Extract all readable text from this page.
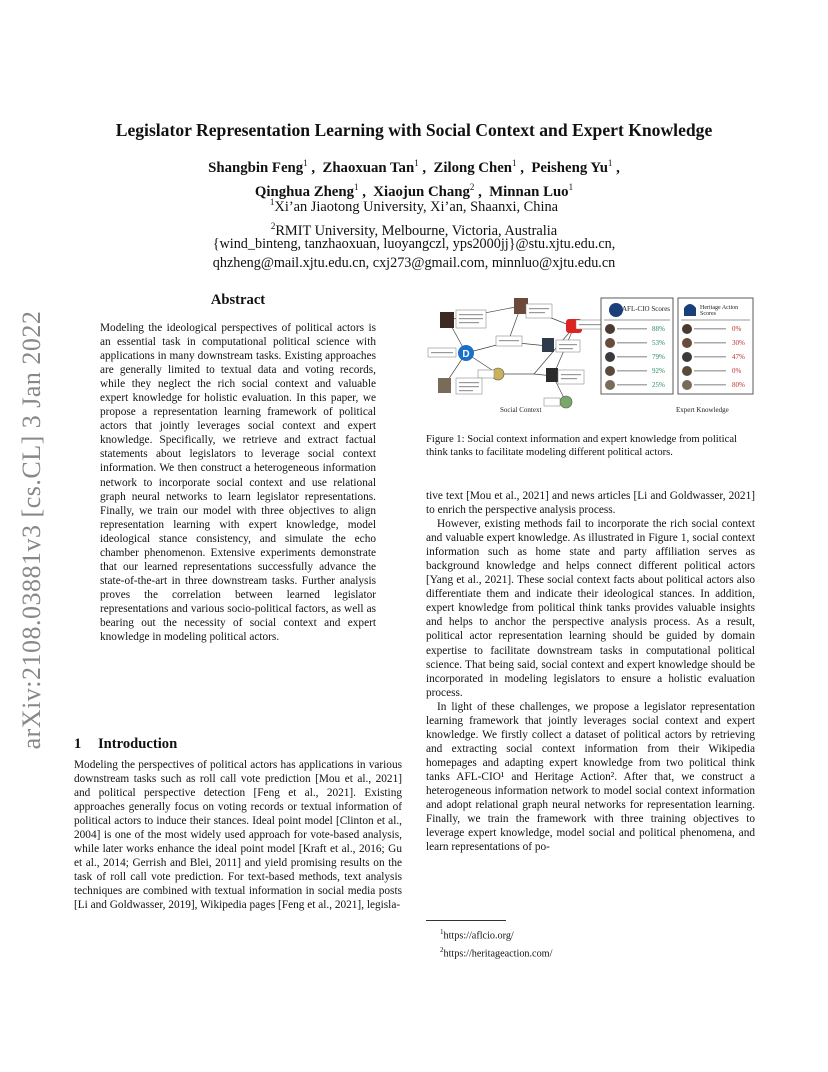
arXiv:2108.03881v3 [cs.CL] 3 Jan 2022
Legislator Representation Learning with Social Context and Expert Knowledge
Shangbin Feng$^1$ ,  Zhaoxuan Tan$^1$ ,  Zilong Chen$^1$ ,  Peisheng Yu$^1$ ,
Qinghua Zheng$^1$ ,  Xiaojun Chang$^2$ ,  Minnan Luo$^1$
$^1$Xi’an Jiaotong University, Xi’an, Shaanxi, China
$^2$RMIT University, Melbourne, Victoria, Australia
{wind_binteng, tanzhaoxuan, luoyangczl, yps2000jj}@stu.xjtu.edu.cn,
qhzheng@mail.xjtu.edu.cn, cxj273@gmail.com, minnluo@xjtu.edu.cn
Abstract

Modeling the ideological perspectives of political actors is an essential task in computational political science with applications in many downstream tasks. Existing approaches are generally limited to textual data and voting records, while they neglect the rich social context and valuable expert knowledge for holistic evaluation. In this paper, we propose a representation learning framework of political actors that jointly leverages social context and expert knowledge. Specifically, we retrieve and extract factual statements about legislators to leverage social context information. We then construct a heterogeneous information network to incorporate social context and use relational graph neural networks to learn legislator representations. Finally, we train our model with three objectives to align representation learning with expert knowledge, model ideological stance consistency, and simulate the echo chamber phenomenon. Extensive experiments demonstrate that our learned representations successfully advance the state-of-the-art in three downstream tasks. Further analysis proves the correlation between learned legislator representations and various socio-political factors, as well as bearing out the necessity of social context and expert knowledge in modeling political actors.

1 Introduction

Modeling the perspectives of political actors has applications in various downstream tasks such as roll call vote prediction [Mou et al., 2021] and political perspective detection [Feng et al., 2021]. Existing approaches generally focus on voting records or textual information of political actors to induce their stances. Ideal point model [Clinton et al., 2004] is one of the most widely used approach for vote-based analysis, while later works enhance the ideal point model [Kraft et al., 2016; Gu et al., 2014; Gerrish and Blei, 2011] and yield promising results on the task of roll call vote prediction. For text-based methods, text analysis techniques are combined with textual information in social media posts [Li and Goldwasser, 2019], Wikipedia pages [Feng et al., 2021], legisla-

D
AFL-CIO Scores	Heritage Action Scores
88%
53%
79%
92%
25%
0%
30%
47%
0%
80%
Social Context	Expert Knowledge

Figure 1: Social context information and expert knowledge from political think tanks to facilitate modeling different political actors.

tive text [Mou et al., 2021] and news articles [Li and Goldwasser, 2021] to enrich the perspective analysis process.

However, existing methods fail to incorporate the rich social context and valuable expert knowledge. As illustrated in Figure 1, social context information such as home state and party affiliation serves as background knowledge and helps connect different political actors [Yang et al., 2021]. These social context facts about political actors also differentiate them and indicate their ideological stances. In addition, expert knowledge from political think tanks provides valuable insights and helps to anchor the perspective analysis process. As a result, political actor representation learning should be guided by domain expertise to facilitate downstream tasks in computational political science. That being said, social context and expert knowledge should be incorporated in modeling legislators to ensure a holistic evaluation process.

In light of these challenges, we propose a legislator representation learning framework that jointly leverages social context and expert knowledge. We firstly collect a dataset of political actors by retrieving and extracting social context information from their Wikipedia homepages and adapting expert knowledge from two political think tanks AFL-CIO¹ and Heritage Action². After that, we construct a heterogeneous information network to model social context information and adopt relational graph neural networks for representation learning. Finally, we train the framework with three training objectives to leverage expert knowledge, model social and political phenomena, and learn representations of po-

$^1$https://aflcio.org/
$^2$https://heritageaction.com/
